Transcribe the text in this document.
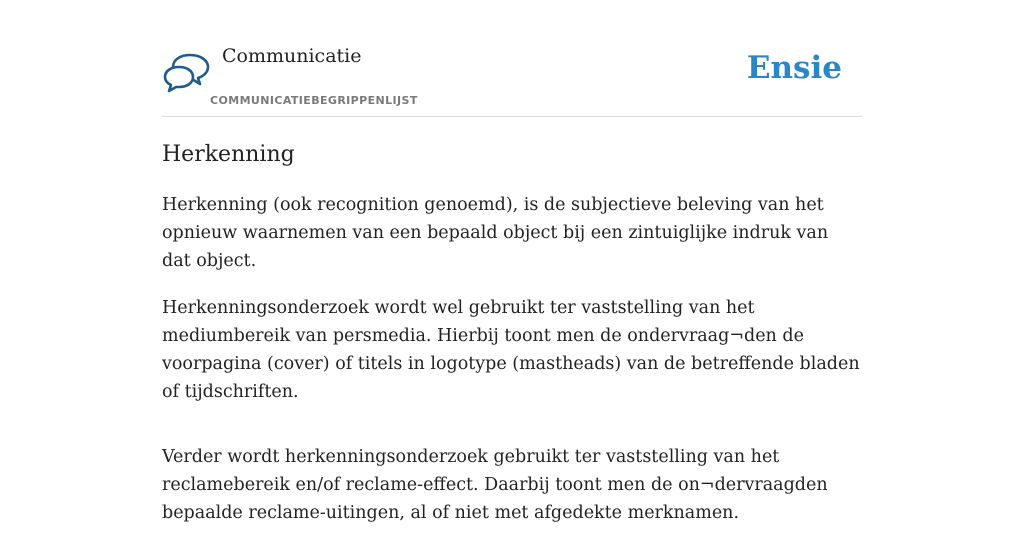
Communicatie
COMMUNICATIEBEGRIPPENLIJST
Ensie
Herkenning

Herkenning (ook recognition genoemd), is de subjectieve beleving van het opnieuw waarnemen van een bepaald object bij een zintuiglijke indruk van dat object.

Herkenningsonderzoek wordt wel gebruikt ter vaststelling van het mediumbereik van persmedia. Hierbij toont men de ondervraag¬den de voorpagina (cover) of titels in logotype (mastheads) van de betreffende bladen of tijdschriften.

Verder wordt herkenningsonderzoek gebruikt ter vaststelling van het reclamebereik en/of reclame-effect. Daarbij toont men de on¬dervraagden bepaalde reclame-uitingen, al of niet met afgedekte merknamen.
